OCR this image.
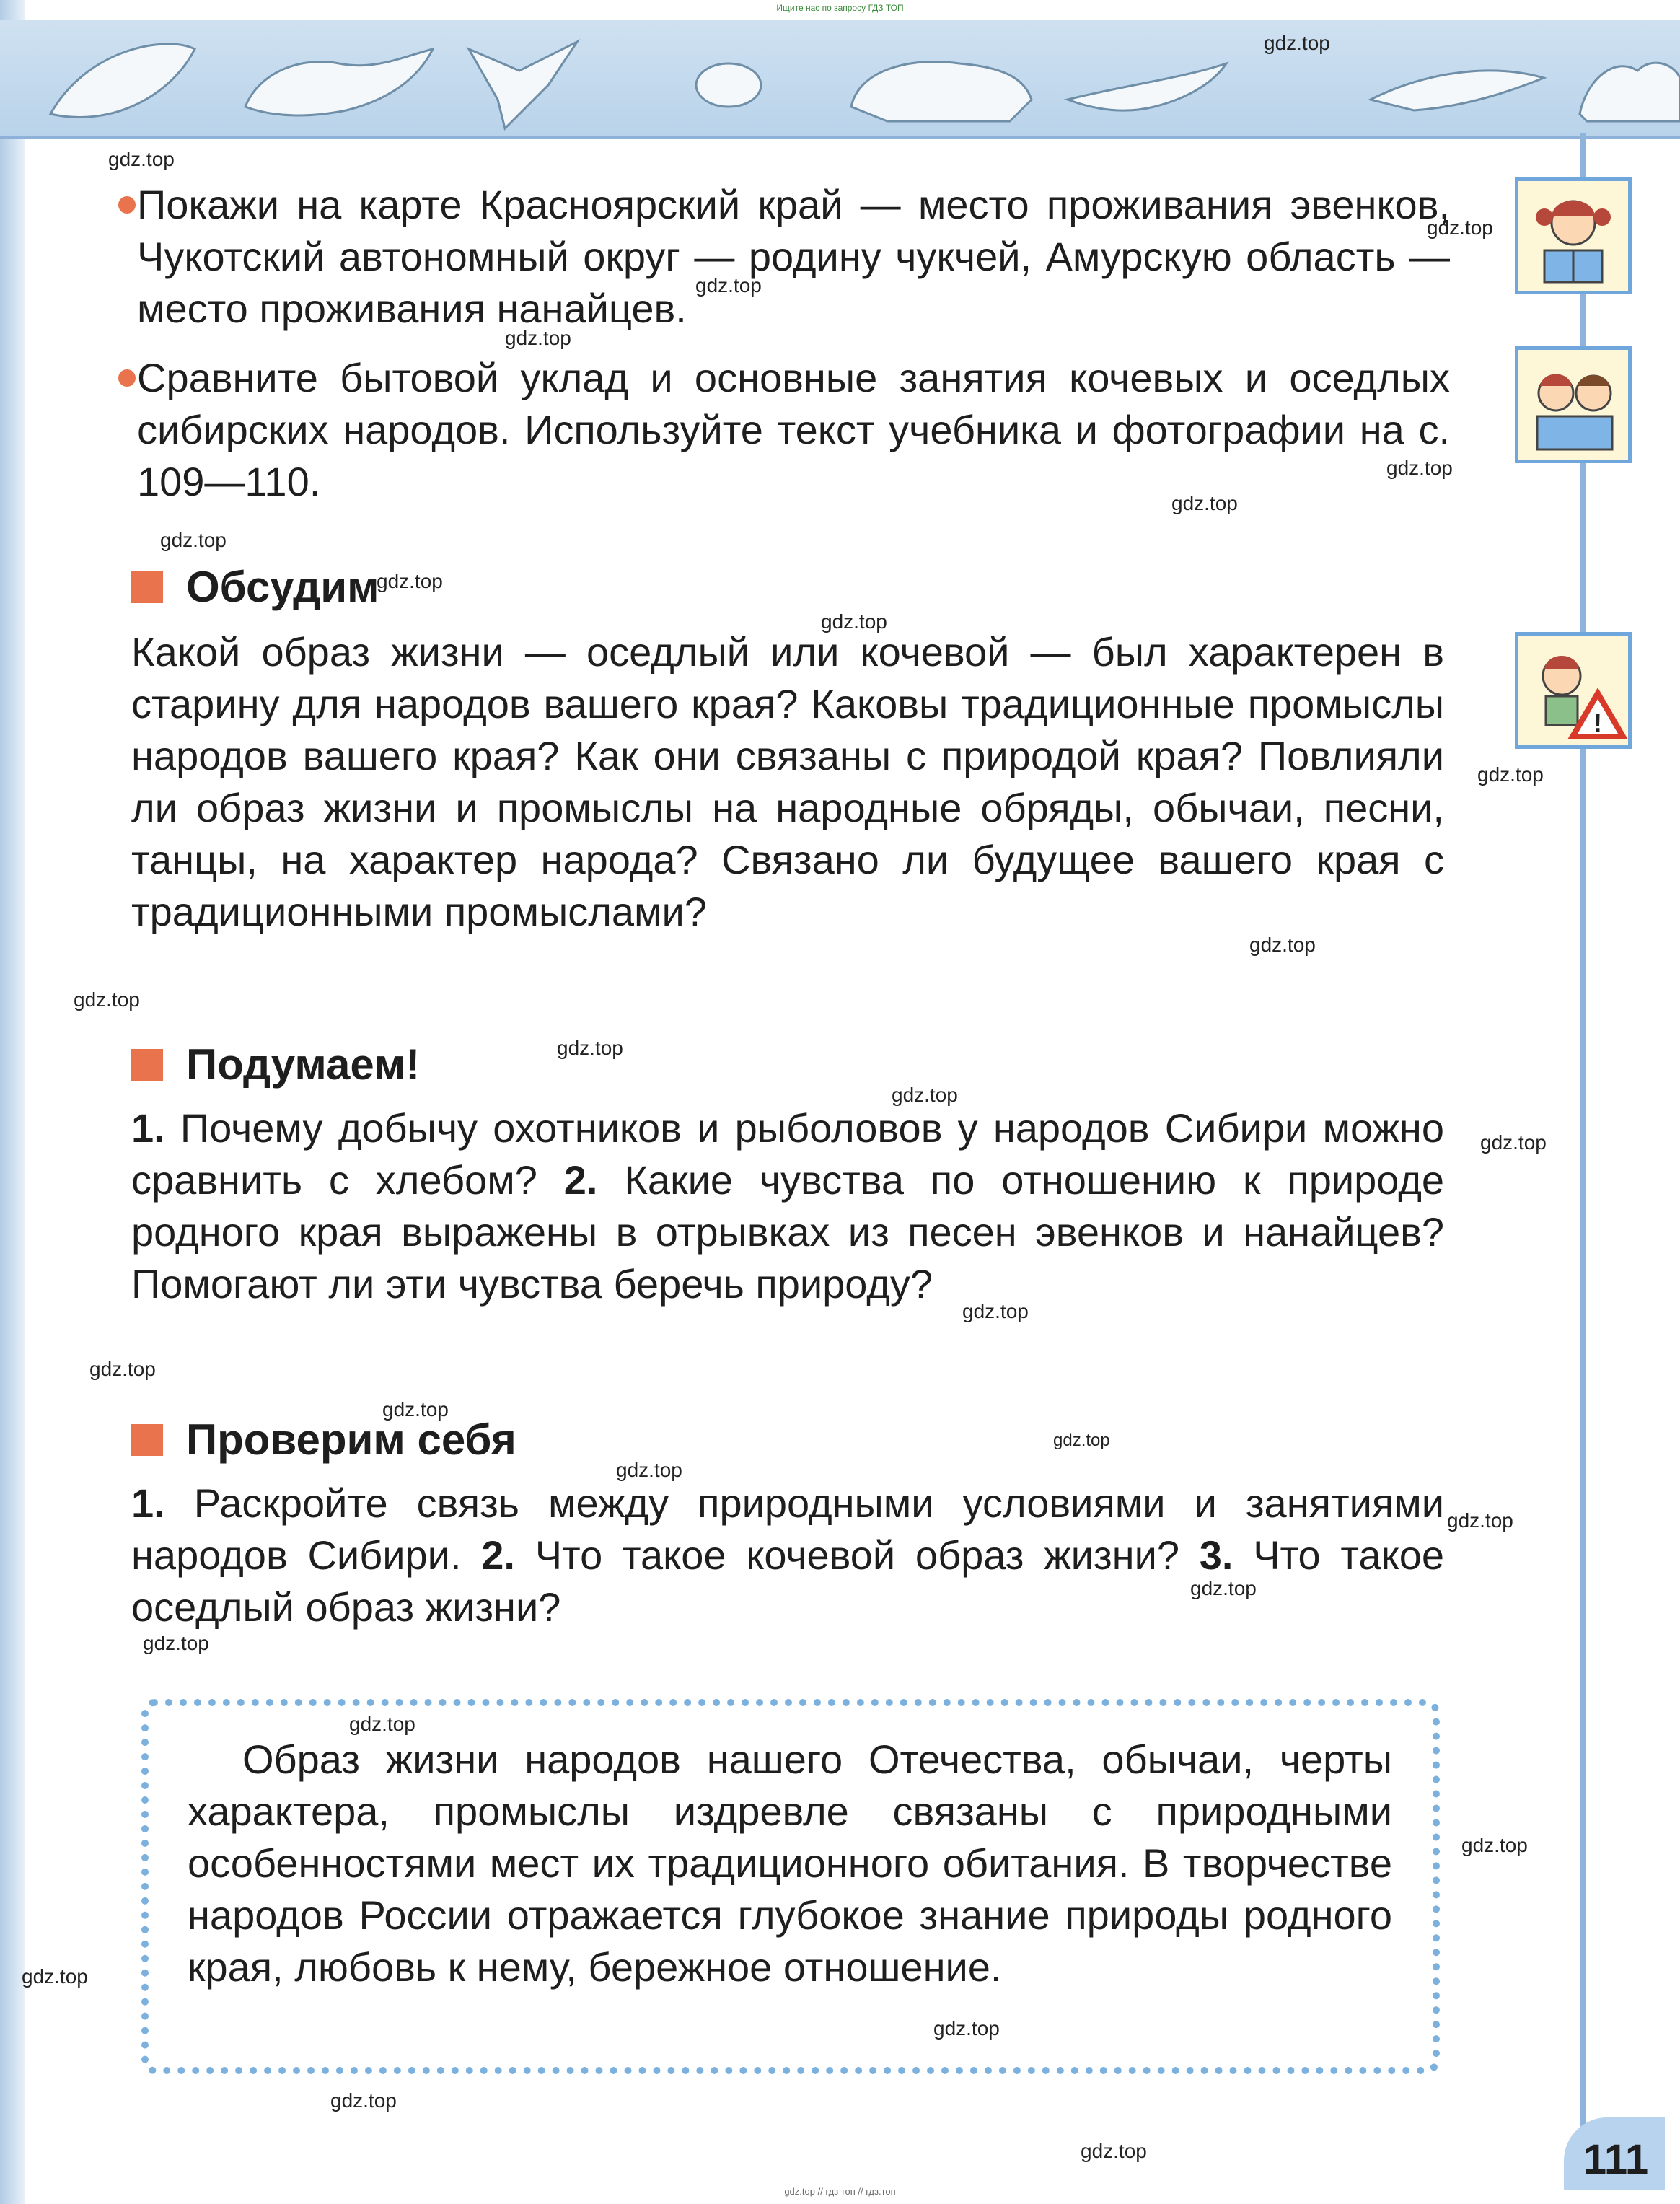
Ищите нас по запросу ГДЗ ТОП
!

Покажи на карте Красноярский край — место проживания эвенков, Чукотский автономный округ — родину чукчей, Амурскую область — место проживания нанайцев.

Сравните бытовой уклад и основные занятия кочевых и оседлых сибирских народов. Используйте текст учебника и фотографии на с. 109—110.

Обсудим

Какой образ жизни — оседлый или кочевой — был характерен в старину для народов вашего края? Каковы традиционные промыслы народов вашего края? Как они связаны с природой края? Повлияли ли образ жизни и промыслы на народные обряды, обычаи, песни, танцы, на характер народа? Связано ли будущее вашего края с традиционными промыслами?

Подумаем!

1. Почему добычу охотников и рыболовов у народов Сибири можно сравнить с хлебом? 2. Какие чувства по отношению к природе родного края выражены в отрывках из песен эвенков и нанайцев? Помогают ли эти чувства беречь природу?

Проверим себя

1. Раскройте связь между природными условиями и занятиями народов Сибири. 2. Что такое кочевой образ жизни? 3. Что такое оседлый образ жизни?

Образ жизни народов нашего Отечества, обычаи, черты характера, промыслы издревле связаны с природными особенностями мест их традиционного обитания. В творчестве народов России отражается глубокое знание природы родного края, любовь к нему, бережное отношение.

111
gdz.top // гдз топ // гдз.топ
gdz.top
gdz.top
gdz.top
gdz.top
gdz.top
gdz.top
gdz.top
gdz.top
gdz.top
gdz.top
gdz.top
gdz.top
gdz.top
gdz.top
gdz.top
gdz.top
gdz.top
gdz.top
gdz.top
gdz.top
gdz.top
gdz.top
gdz.top
gdz.top
gdz.top
gdz.top
gdz.top
gdz.top
gdz.top
gdz.top
